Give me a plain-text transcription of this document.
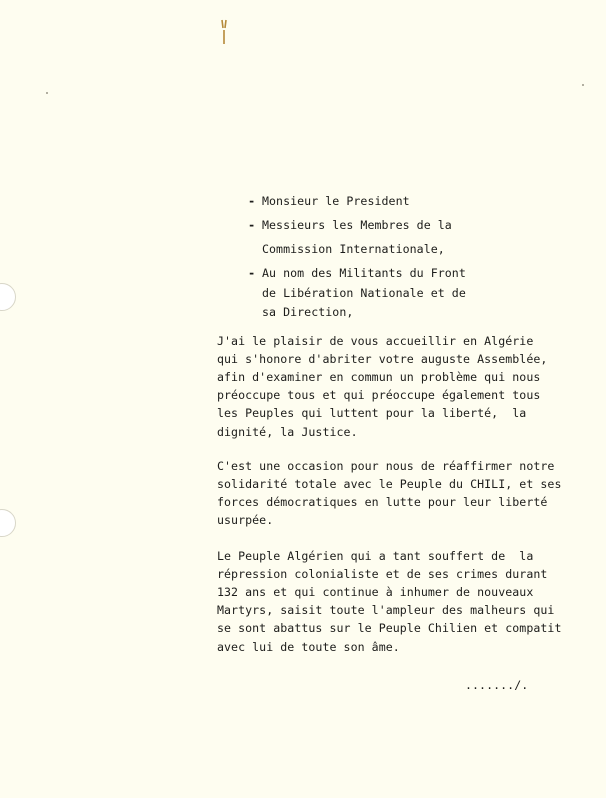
- Monsieur le President
- Messieurs les Membres de la
Commission Internationale,
- Au nom des Militants du Front
de Libération Nationale et de
sa Direction,
J'ai le plaisir de vous accueillir en Algérie
qui s'honore d'abriter votre auguste Assemblée,
afin d'examiner en commun un problème qui nous
préoccupe tous et qui préoccupe également tous
les Peuples qui luttent pour la liberté,  la
dignité, la Justice.
C'est une occasion pour nous de réaffirmer notre
solidarité totale avec le Peuple du CHILI, et ses
forces démocratiques en lutte pour leur liberté
usurpée.
Le Peuple Algérien qui a tant souffert de  la
répression colonialiste et de ses crimes durant
132 ans et qui continue à inhumer de nouveaux
Martyrs, saisit toute l'ampleur des malheurs qui
se sont abattus sur le Peuple Chilien et compatit
avec lui de toute son âme.
......./.
